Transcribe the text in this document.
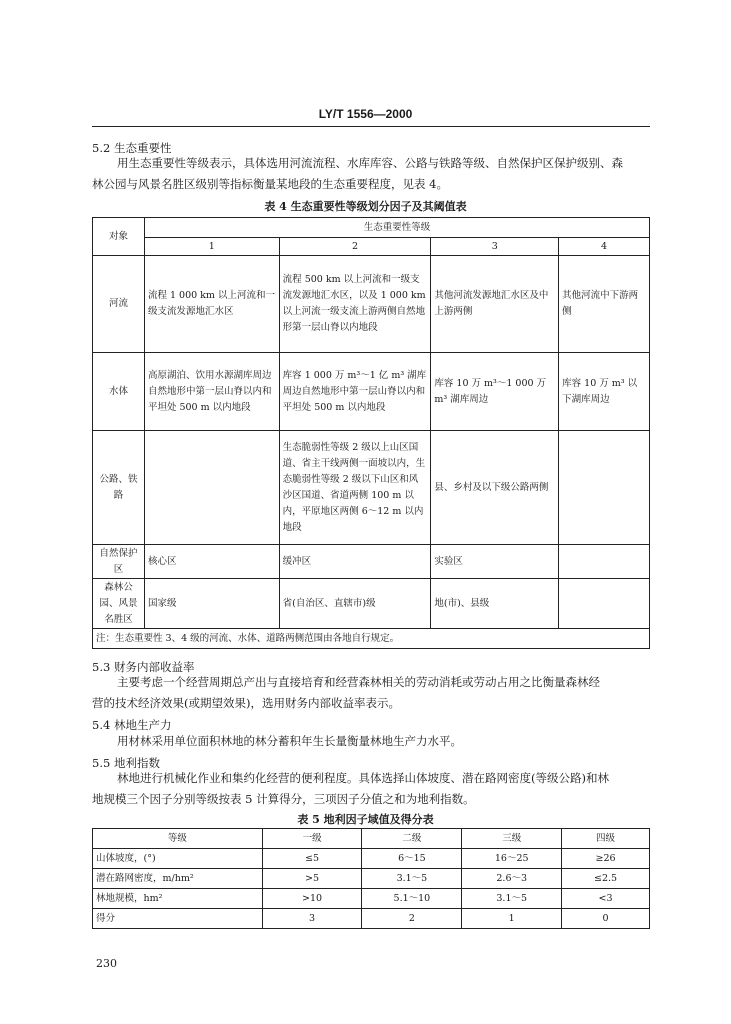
LY/T 1556—2000
5.2 生态重要性
用生态重要性等级表示，具体选用河流流程、水库库容、公路与铁路等级、自然保护区保护级别、森
林公园与风景名胜区级别等指标衡量某地段的生态重要程度，见表 4。
表 4 生态重要性等级划分因子及其阈值表
对象	生态重要性等级			
	1	2	3	4
河流	流程 1 000 km 以上河流和一级支流发源地汇水区	流程 500 km 以上河流和一级支流发源地汇水区，以及 1 000 km 以上河流一级支流上游两侧自然地形第一层山脊以内地段	其他河流发源地汇水区及中上游两侧	其他河流中下游两侧
水体	高原湖泊、饮用水源湖库周边自然地形中第一层山脊以内和平坦处 500 m 以内地段	库容 1 000 万 m³～1 亿 m³ 湖库周边自然地形中第一层山脊以内和平坦处 500 m 以内地段	库容 10 万 m³～1 000 万 m³ 湖库周边	库容 10 万 m³ 以下湖库周边
公路、铁路		生态脆弱性等级 2 级以上山区国道、省主干线两侧一面坡以内，生态脆弱性等级 2 级以下山区和风沙区国道、省道两侧 100 m 以内，平原地区两侧 6～12 m 以内地段	县、乡村及以下级公路两侧	
自然保护区	核心区	缓冲区	实验区	
森林公园、风景名胜区	国家级	省(自治区、直辖市)级	地(市)、县级	
注：生态重要性 3、4 级的河流、水体、道路两侧范围由各地自行规定。				
5.3 财务内部收益率
主要考虑一个经营周期总产出与直接培育和经营森林相关的劳动消耗或劳动占用之比衡量森林经
营的技术经济效果(或期望效果)，选用财务内部收益率表示。
5.4 林地生产力
用材林采用单位面积林地的林分蓄积年生长量衡量林地生产力水平。
5.5 地利指数
林地进行机械化作业和集约化经营的便利程度。具体选择山体坡度、潜在路网密度(等级公路)和林
地规模三个因子分别等级按表 5 计算得分，三项因子分值之和为地利指数。
表 5 地利因子域值及得分表
等级	一级	二级	三级	四级
山体坡度，(°)	≤5	6～15	16～25	≥26
潜在路网密度，m/hm²	>5	3.1～5	2.6～3	≤2.5
林地规模，hm²	>10	5.1～10	3.1～5	<3
得分	3	2	1	0
230
